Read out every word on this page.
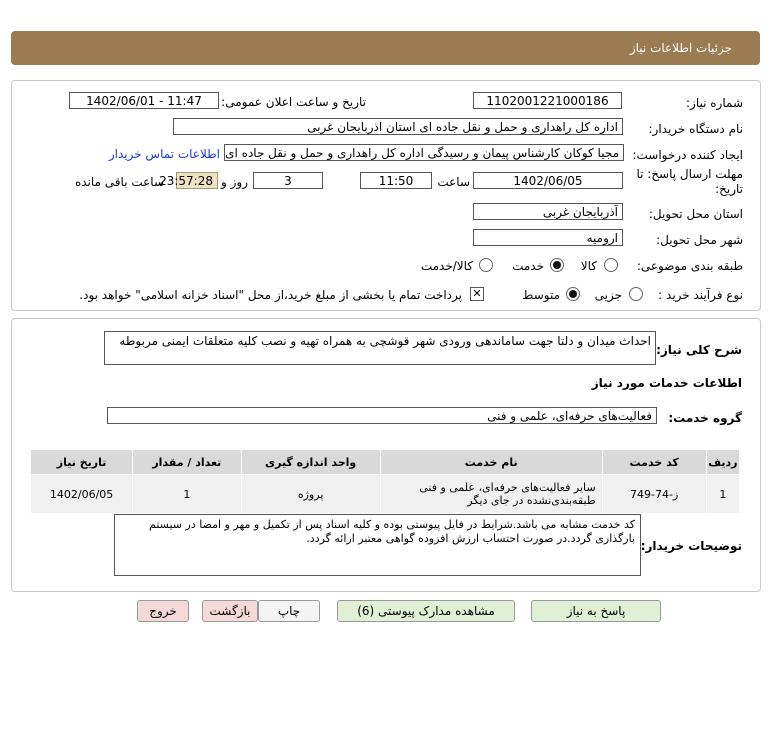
جزئیات اطلاعات نیاز
شماره نیاز:
1102001221000186
تاریخ و ساعت اعلان عمومی:
1402/06/01 - 11:47
نام دستگاه خریدار:
اداره کل راهداری و حمل و نقل جاده ای استان اذربایجان غربی
ایجاد کننده درخواست:
مجیا کوکان کارشناس پیمان و رسیدگی اداره کل راهداری و حمل و نقل جاده ای
اطلاعات تماس خریدار
مهلت ارسال پاسخ: تا
تاریخ:
1402/06/05
ساعت
11:50
3
روز و
23:57:28
ساعت باقی مانده
استان محل تحویل:
آذربایجان غربی
شهر محل تحویل:
ارومیه
طبقه بندی موضوعی:
کالا
خدمت
کالا/خدمت
نوع فرآیند خرید :
جزیی
متوسط
✕
پرداخت تمام یا بخشی از مبلغ خرید،از محل "اسناد خزانه اسلامی" خواهد بود.
شرح کلی نیاز:
احداث میدان و دلتا جهت ساماندهی ورودی شهر قوشچی به همراه تهیه و نصب کلیه متعلقات ایمنی مربوطه
اطلاعات خدمات مورد نیاز
گروه خدمت:
فعالیت‌های حرفه‌ای، علمی و فنی
ردیف	کد خدمت	نام خدمت	واحد اندازه گیری	تعداد / مقدار	تاریخ نیاز
1	ز-74-749	سایر فعالیت‌های حرفه‌ای، علمی و فنی طبقه‌بندی‌نشده در جای دیگر	پروژه	1	1402/06/05
توضیحات خریدار:
کد خدمت مشابه می باشد.شرایط در فایل پیوستی بوده و کلیه اسناد پس از تکمیل و مهر و امضا در سیستم بارگذاری گردد.در صورت احتساب ارزش افزوده گواهی معتبر ارائه گردد.
پاسخ به نیاز
مشاهده مدارک پیوستی (6)
چاپ
بازگشت
خروج
